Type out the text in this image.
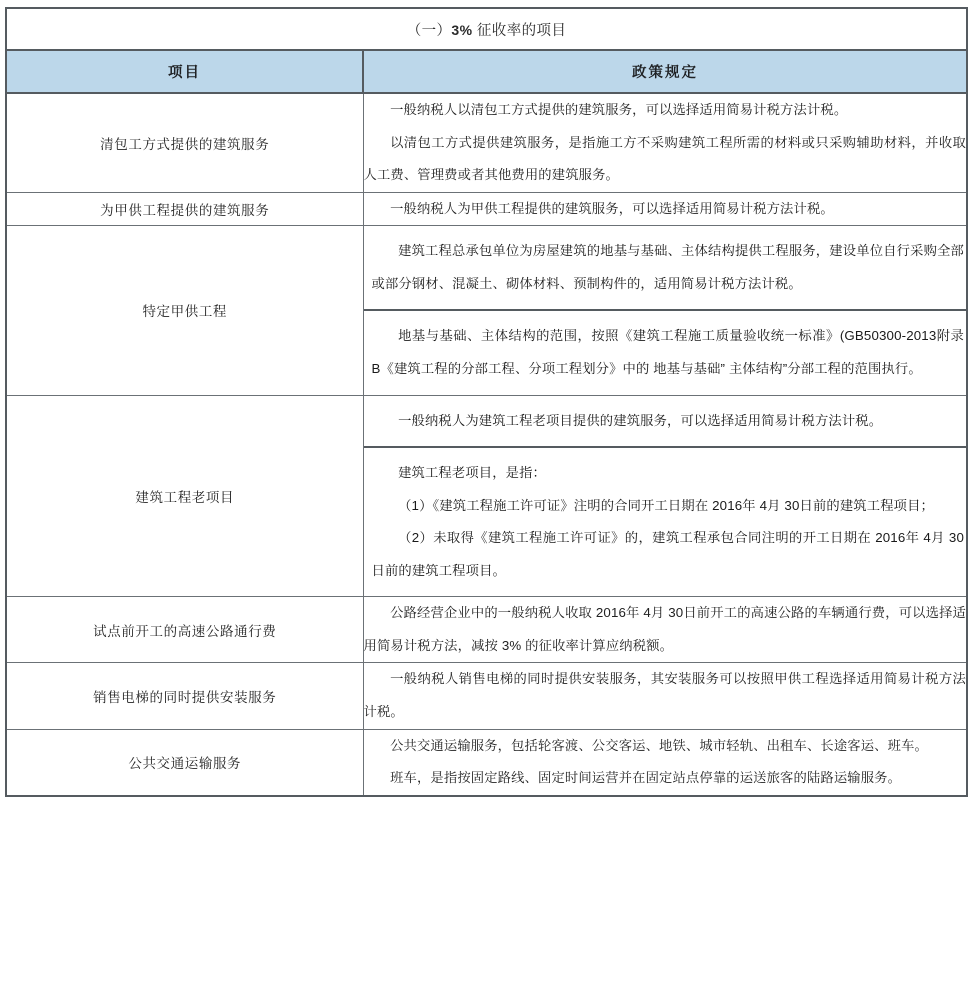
（一）3% 征收率的项目	
项目	政策规定
清包工方式提供的建筑服务	一般纳税人以清包工方式提供的建筑服务，可以选择适用简易计税方法计税。

以清包工方式提供建筑服务，是指施工方不采购建筑工程所需的材料或只采购辅助材料，并收取人工费、管理费或者其他费用的建筑服务。

为甲供工程提供的建筑服务	一般纳税人为甲供工程提供的建筑服务，可以选择适用简易计税方法计税。

特定甲供工程	建筑工程总承包单位为房屋建筑的地基与基础、主体结构提供工程服务，建设单位自行采购全部或部分钢材、混凝土、砌体材料、预制构件的，适用简易计税方法计税。

地基与基础、主体结构的范围，按照《建筑工程施工质量验收统一标准》(GB50300-2013附录 B《建筑工程的分部工程、分项工程划分》中的 地基与基础” 主体结构”分部工程的范围执行。

建筑工程老项目	一般纳税人为建筑工程老项目提供的建筑服务，可以选择适用简易计税方法计税。

建筑工程老项目，是指：

（1）《建筑工程施工许可证》注明的合同开工日期在 2016年 4月 30日前的建筑工程项目；

（2）未取得《建筑工程施工许可证》的，建筑工程承包合同注明的开工日期在 2016年 4月 30日前的建筑工程项目。

试点前开工的高速公路通行费	公路经营企业中的一般纳税人收取 2016年 4月 30日前开工的高速公路的车辆通行费，可以选择适用简易计税方法，减按 3% 的征收率计算应纳税额。

销售电梯的同时提供安装服务	一般纳税人销售电梯的同时提供安装服务，其安装服务可以按照甲供工程选择适用简易计税方法计税。

公共交通运输服务	公共交通运输服务，包括轮客渡、公交客运、地铁、城市轻轨、出租车、长途客运、班车。

班车，是指按固定路线、固定时间运营并在固定站点停靠的运送旅客的陆路运输服务。
